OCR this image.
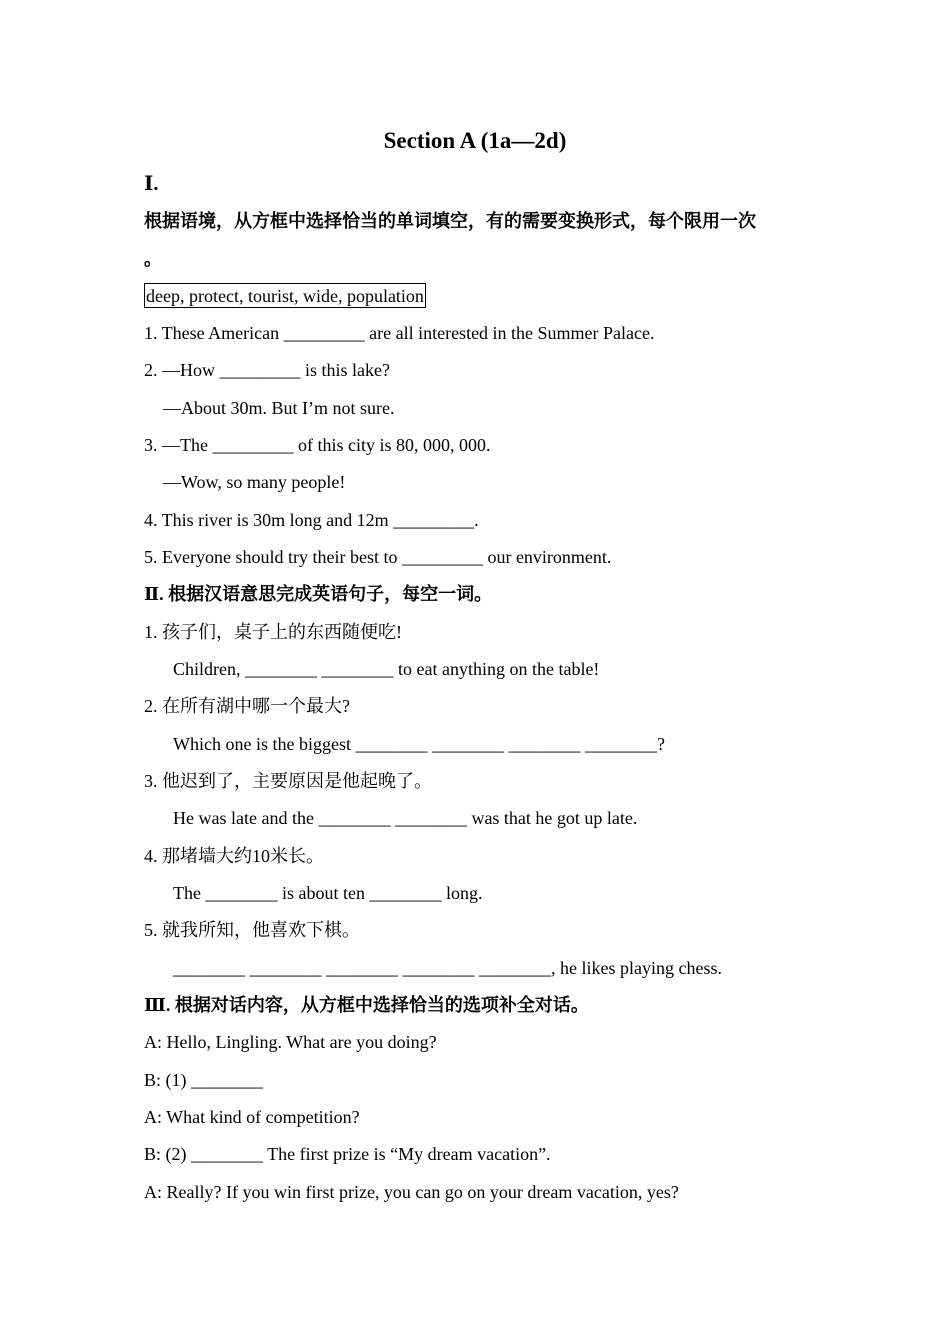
Section A (1a—2d)
Ⅰ.
根据语境，从方框中选择恰当的单词填空，有的需要变换形式，每个限用一次
。
deep, protect, tourist, wide, population
1. These American _________ are all interested in the Summer Palace.
2. —How _________ is this lake?
—About 30m. But I’m not sure.
3. —The _________ of this city is 80, 000, 000.
—Wow, so many people!
4. This river is 30m long and 12m _________.
5. Everyone should try their best to _________ our environment.
Ⅱ. 根据汉语意思完成英语句子，每空一词。
1. 孩子们，桌子上的东西随便吃!
Children, ________ ________ to eat anything on the table!
2. 在所有湖中哪一个最大?
Which one is the biggest ________ ________ ________ ________?
3. 他迟到了，主要原因是他起晚了。
He was late and the ________ ________ was that he got up late.
4. 那堵墙大约10米长。
The ________ is about ten ________ long.
5. 就我所知，他喜欢下棋。
________ ________ ________ ________ ________, he likes playing chess.
Ⅲ. 根据对话内容，从方框中选择恰当的选项补全对话。
A: Hello, Lingling. What are you doing?
B: (1) ________
A: What kind of competition?
B: (2) ________ The first prize is “My dream vacation”.
A: Really? If you win first prize, you can go on your dream vacation, yes?
